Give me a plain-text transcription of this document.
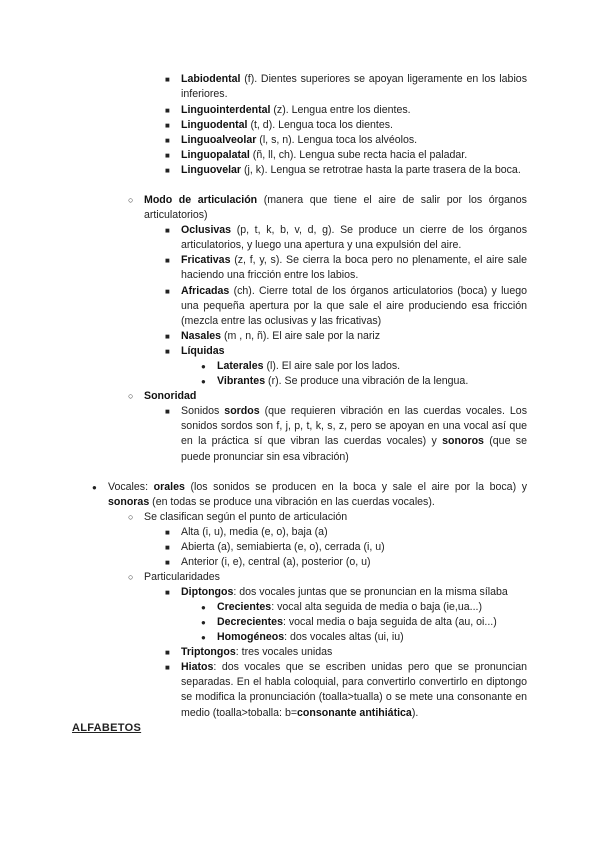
■ Labiodental (f). Dientes superiores se apoyan ligeramente en los labios inferiores.
■ Linguointerdental (z). Lengua entre los dientes.
■ Linguodental (t, d). Lengua toca los dientes.
■ Linguoalveolar (l, s, n). Lengua toca los alvéolos.
■ Linguopalatal (ñ, ll, ch). Lengua sube recta hacia el paladar.
■ Linguovelar (j, k). Lengua se retrotrae hasta la parte trasera de la boca.
○ Modo de articulación (manera que tiene el aire de salir por los órganos articulatorios)
■ Oclusivas (p, t, k, b, v, d, g). Se produce un cierre de los órganos articulatorios, y luego una apertura y una expulsión del aire.
■ Fricativas (z, f, y, s). Se cierra la boca pero no plenamente, el aire sale haciendo una fricción entre los labios.
■ Africadas (ch). Cierre total de los órganos articulatorios (boca) y luego una pequeña apertura por la que sale el aire produciendo esa fricción (mezcla entre las oclusivas y las fricativas)
■ Nasales (m , n, ñ). El aire sale por la nariz
■ Líquidas
● Laterales (l). El aire sale por los lados.
● Vibrantes (r). Se produce una vibración de la lengua.
○ Sonoridad
■ Sonidos sordos (que requieren vibración en las cuerdas vocales. Los sonidos sordos son f, j, p, t, k, s, z, pero se apoyan en una vocal así que en la práctica sí que vibran las cuerdas vocales) y sonoros (que se puede pronunciar sin esa vibración)
● Vocales: orales (los sonidos se producen en la boca y sale el aire por la boca) y sonoras (en todas se produce una vibración en las cuerdas vocales).
○ Se clasifican según el punto de articulación
■ Alta (i, u), media (e, o), baja (a)
■ Abierta (a), semiabierta (e, o), cerrada (i, u)
■ Anterior (i, e), central (a), posterior (o, u)
○ Particularidades
■ Diptongos: dos vocales juntas que se pronuncian en la misma sílaba
● Crecientes: vocal alta seguida de media o baja (ie,ua...)
● Decrecientes: vocal media o baja seguida de alta (au, oi...)
● Homogéneos: dos vocales altas (ui, iu)
■ Triptongos: tres vocales unidas
■ Hiatos: dos vocales que se escriben unidas pero que se pronuncian separadas. En el habla coloquial, para convertirlo convertirlo en diptongo se modifica la pronunciación (toalla>tualla) o se mete una consonante en medio (toalla>toballa: b=consonante antihiática).
ALFABETOS
